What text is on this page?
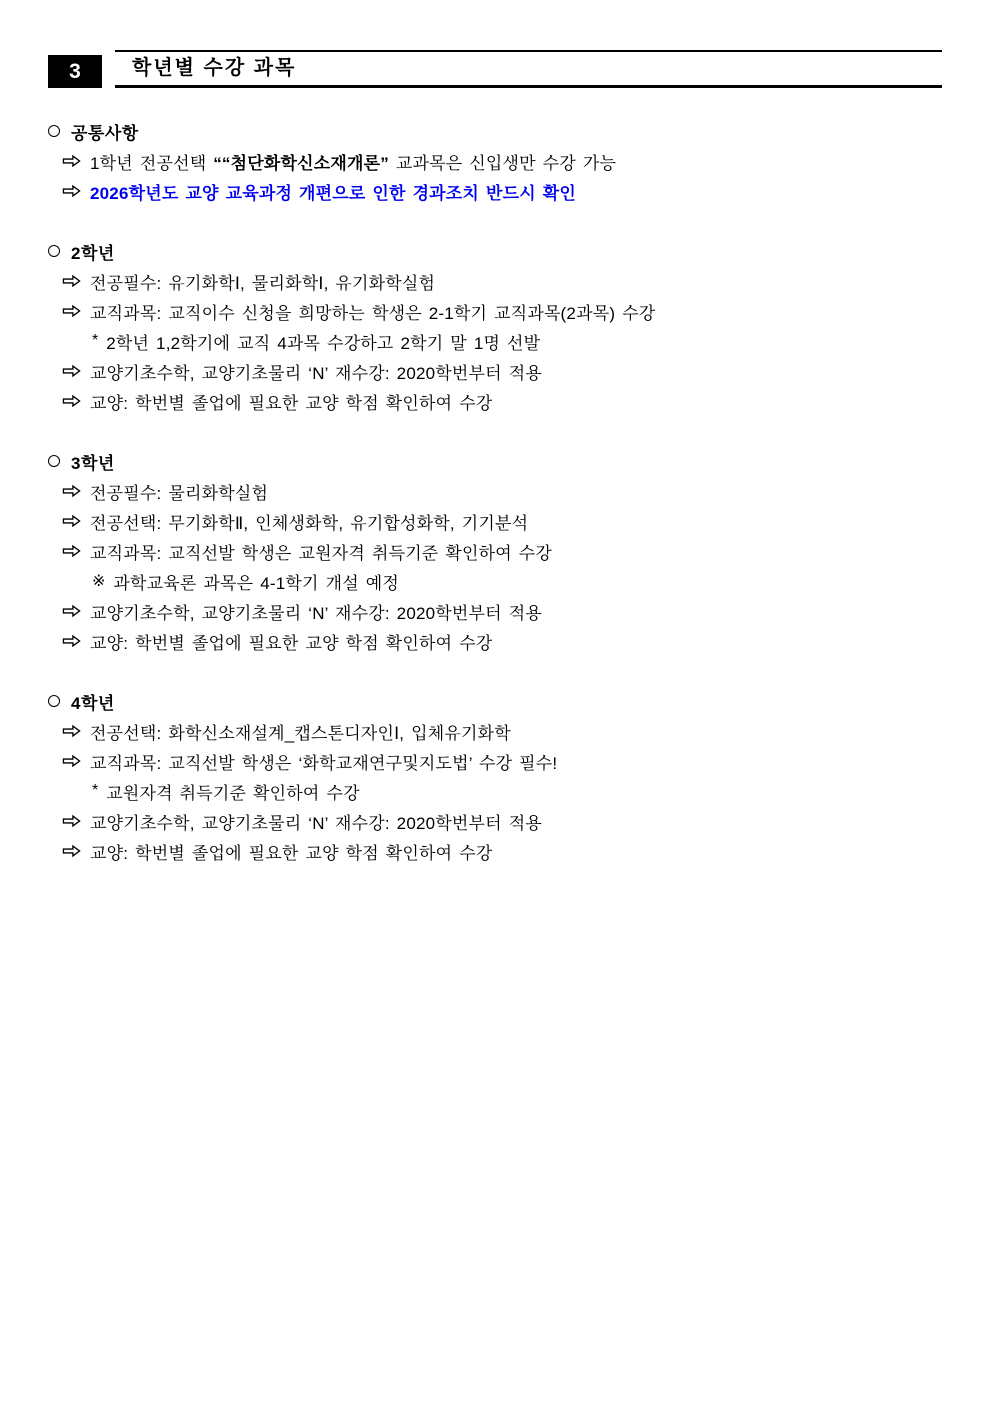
3	학년별 수강 과목
공통사항
1학년 전공선택 ““첨단화학신소재개론” 교과목은 신입생만 수강 가능
2026학년도 교양 교육과정 개편으로 인한 경과조치 반드시 확인
2학년
전공필수: 유기화학Ⅰ, 물리화학Ⅰ, 유기화학실험
교직과목: 교직이수 신청을 희망하는 학생은 2-1학기 교직과목(2과목) 수강
* 2학년 1,2학기에 교직 4과목 수강하고 2학기 말 1명 선발
교양기초수학, 교양기초물리 ‘N’ 재수강: 2020학번부터 적용
교양: 학번별 졸업에 필요한 교양 학점 확인하여 수강
3학년
전공필수: 물리화학실험
전공선택: 무기화학Ⅱ, 인체생화학, 유기합성화학, 기기분석
교직과목: 교직선발 학생은 교원자격 취득기준 확인하여 수강
※ 과학교육론 과목은 4-1학기 개설 예정
교양기초수학, 교양기초물리 ‘N’ 재수강: 2020학번부터 적용
교양: 학번별 졸업에 필요한 교양 학점 확인하여 수강
4학년
전공선택: 화학신소재설계_캡스톤디자인Ⅰ, 입체유기화학
교직과목: 교직선발 학생은 ‘화학교재연구및지도법’ 수강 필수!
* 교원자격 취득기준 확인하여 수강
교양기초수학, 교양기초물리 ‘N’ 재수강: 2020학번부터 적용
교양: 학번별 졸업에 필요한 교양 학점 확인하여 수강
